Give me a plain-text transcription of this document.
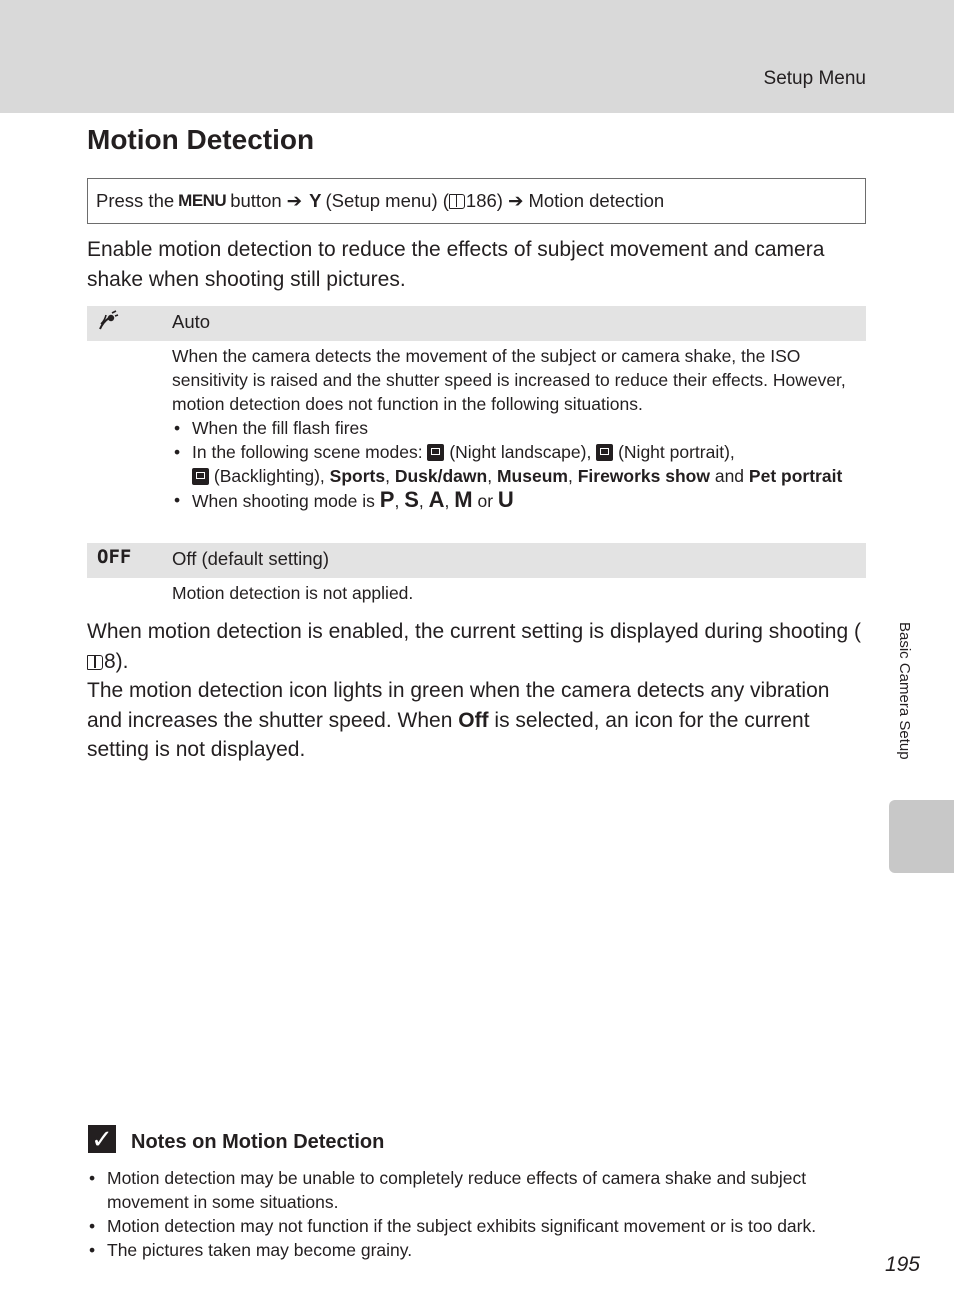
Setup Menu
Motion Detection
Press the MENU button ➔ Y (Setup menu) ( 186) ➔ Motion detection

Enable motion detection to reduce the effects of subject movement and camera shake when shooting still pictures.

Auto

When the camera detects the movement of the subject or camera shake, the ISO sensitivity is raised and the shutter speed is increased to reduce their effects. However, motion detection does not function in the following situations.

• When the fill flash fires
• In the following scene modes: (Night landscape), (Night portrait),
(Backlighting), Sports, Dusk/dawn, Museum, Fireworks show and Pet portrait
• When shooting mode is P, S, A, M or U
OFF Off (default setting)

Motion detection is not applied.

When motion detection is enabled, the current setting is displayed during shooting (8).

The motion detection icon lights in green when the camera detects any vibration and increases the shutter speed. When Off is selected, an icon for the current setting is not displayed.	Basic Camera Setup
✓ Notes on Motion Detection
• Motion detection may be unable to completely reduce effects of camera shake and subject movement in some situations.
• Motion detection may not function if the subject exhibits significant movement or is too dark.
• The pictures taken may become grainy.
195
